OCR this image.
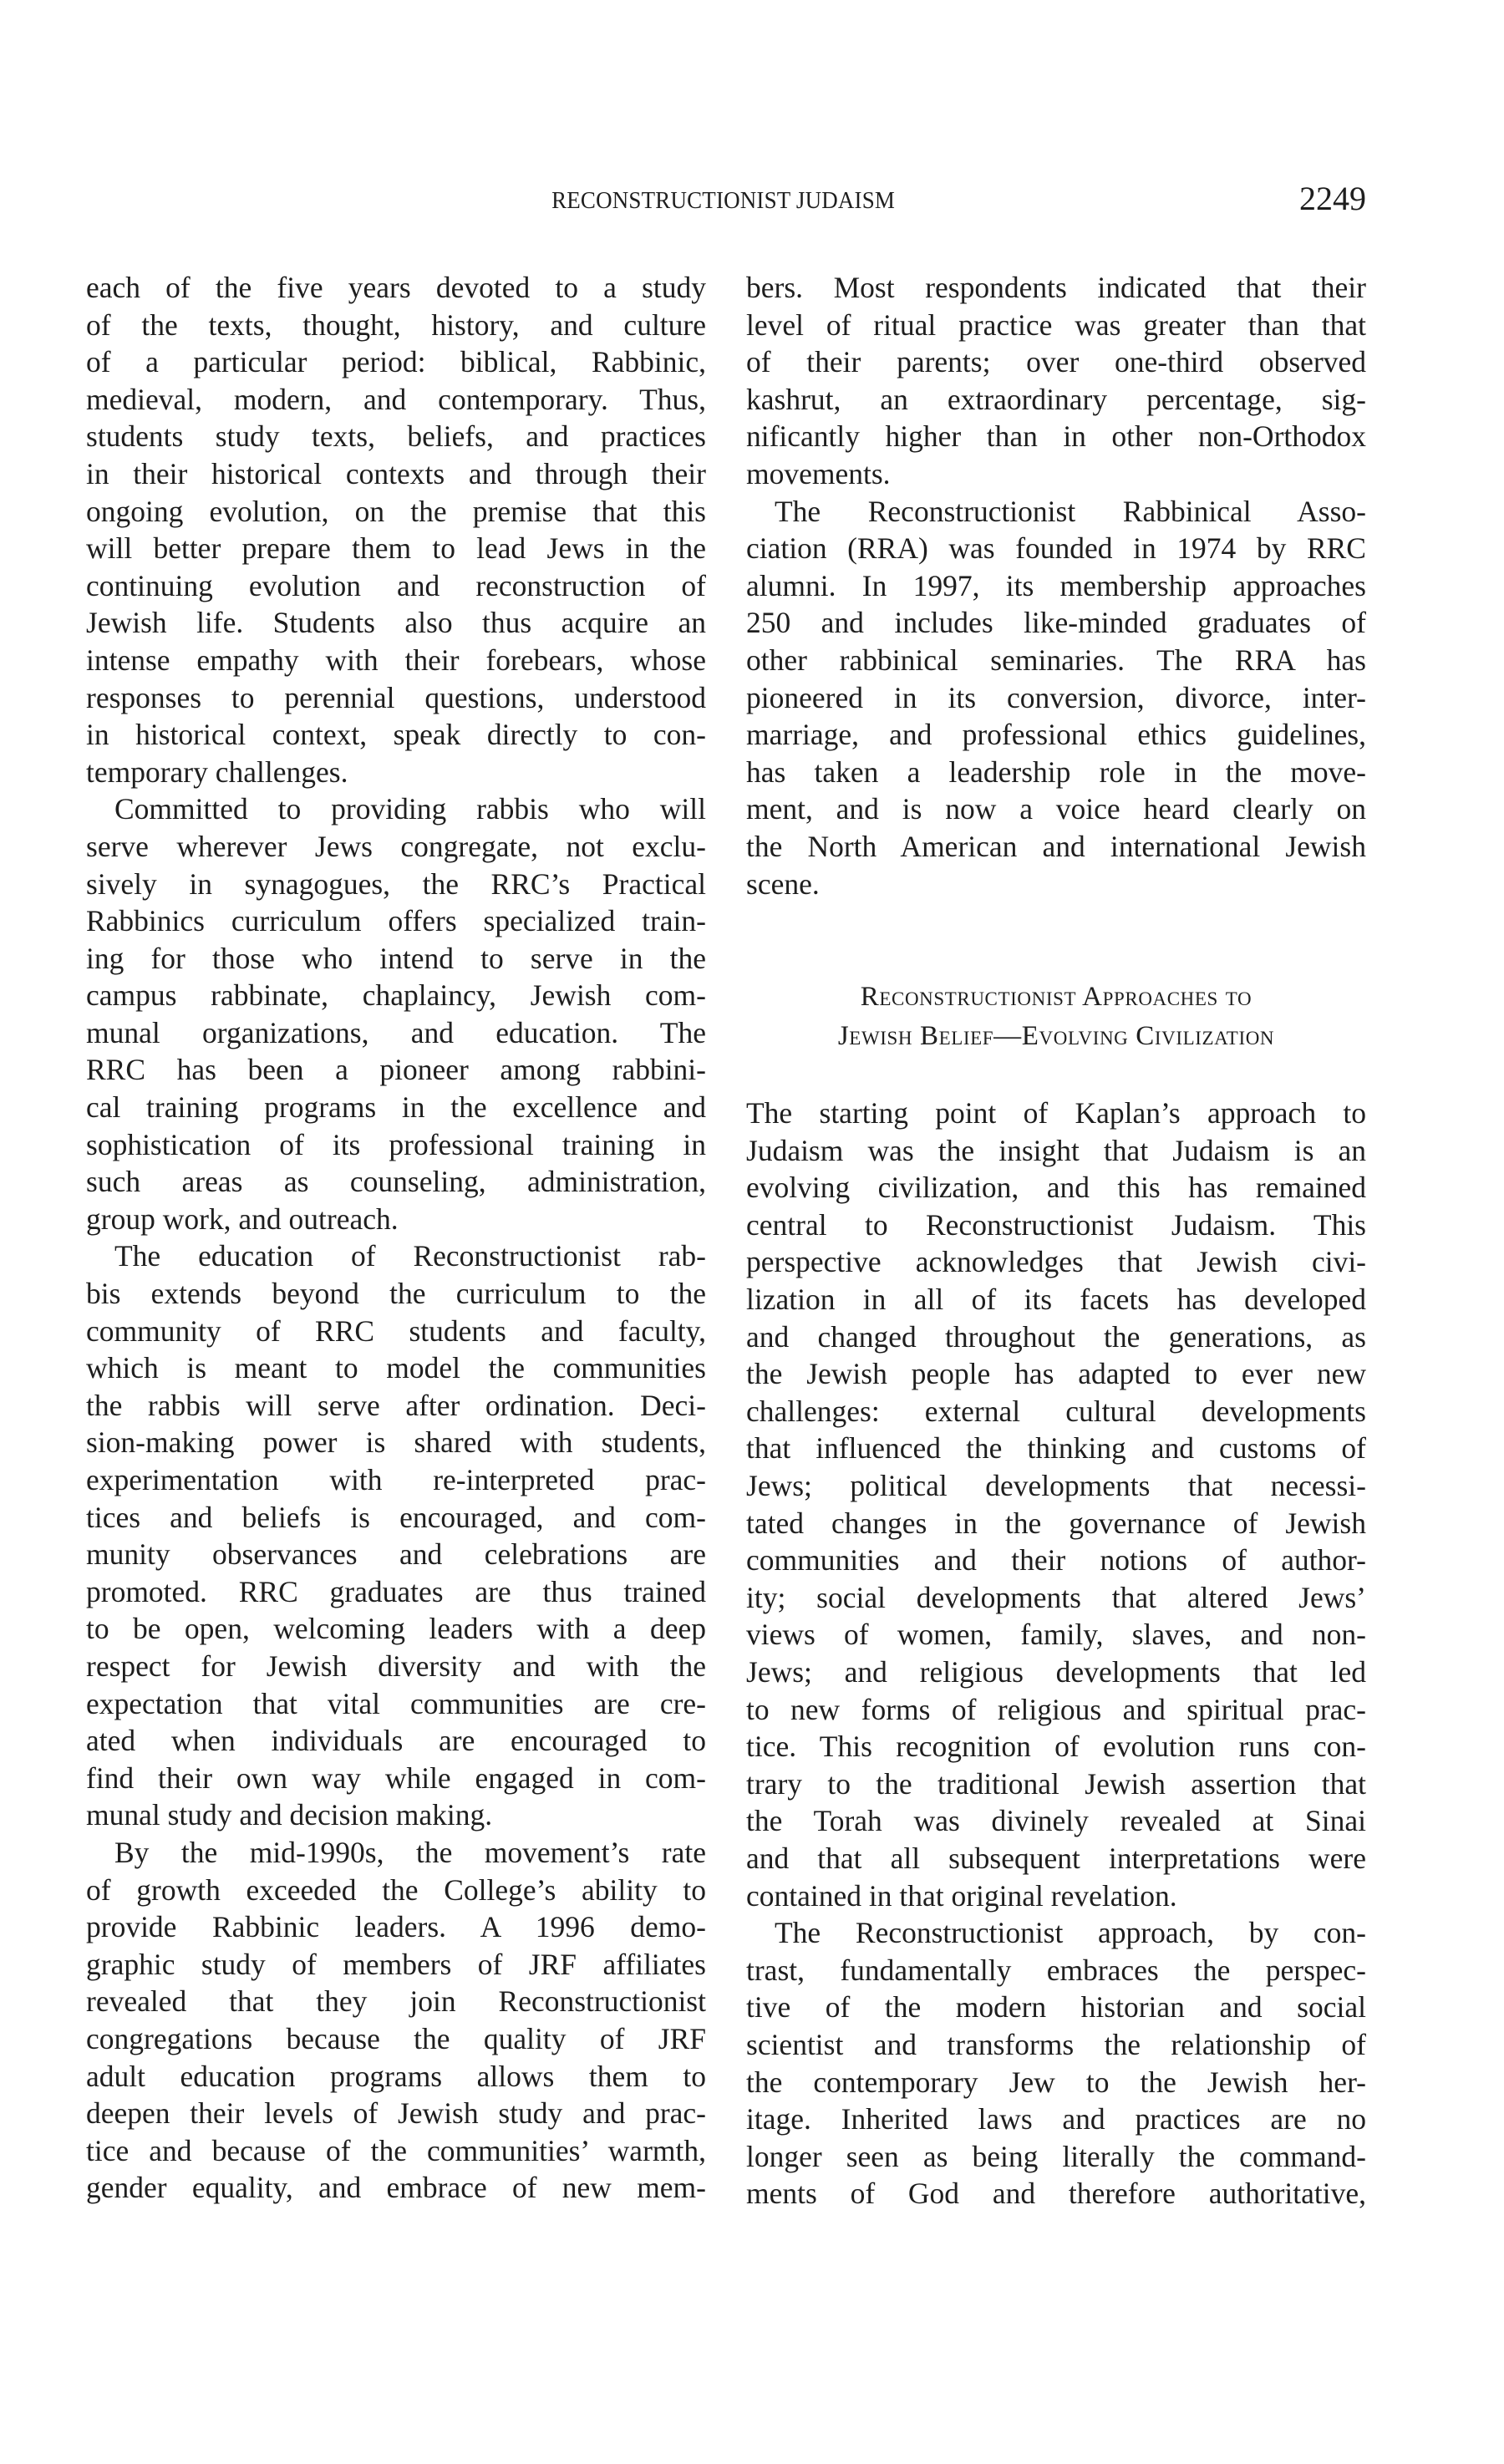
RECONSTRUCTIONIST JUDAISM	2249
each of the five years devoted to a study
of the texts, thought, history, and culture
of a particular period: biblical, Rabbinic,
medieval, modern, and contemporary. Thus,
students study texts, beliefs, and practices
in their historical contexts and through their
ongoing evolution, on the premise that this
will better prepare them to lead Jews in the
continuing evolution and reconstruction of
Jewish life. Students also thus acquire an
intense empathy with their forebears, whose
responses to perennial questions, understood
in historical context, speak directly to con-
temporary challenges.
Committed to providing rabbis who will
serve wherever Jews congregate, not exclu-
sively in synagogues, the RRC’s Practical
Rabbinics curriculum offers specialized train-
ing for those who intend to serve in the
campus rabbinate, chaplaincy, Jewish com-
munal organizations, and education. The
RRC has been a pioneer among rabbini-
cal training programs in the excellence and
sophistication of its professional training in
such areas as counseling, administration,
group work, and outreach.
The education of Reconstructionist rab-
bis extends beyond the curriculum to the
community of RRC students and faculty,
which is meant to model the communities
the rabbis will serve after ordination. Deci-
sion-making power is shared with students,
experimentation with re-interpreted prac-
tices and beliefs is encouraged, and com-
munity observances and celebrations are
promoted. RRC graduates are thus trained
to be open, welcoming leaders with a deep
respect for Jewish diversity and with the
expectation that vital communities are cre-
ated when individuals are encouraged to
find their own way while engaged in com-
munal study and decision making.
By the mid-1990s, the movement’s rate
of growth exceeded the College’s ability to
provide Rabbinic leaders. A 1996 demo-
graphic study of members of JRF affiliates
revealed that they join Reconstructionist
congregations because the quality of JRF
adult education programs allows them to
deepen their levels of Jewish study and prac-
tice and because of the communities’ warmth,
gender equality, and embrace of new mem-
bers. Most respondents indicated that their
level of ritual practice was greater than that
of their parents; over one-third observed
kashrut, an extraordinary percentage, sig-
nificantly higher than in other non-Orthodox
movements.
The Reconstructionist Rabbinical Asso-
ciation (RRA) was founded in 1974 by RRC
alumni. In 1997, its membership approaches
250 and includes like-minded graduates of
other rabbinical seminaries. The RRA has
pioneered in its conversion, divorce, inter-
marriage, and professional ethics guidelines,
has taken a leadership role in the move-
ment, and is now a voice heard clearly on
the North American and international Jewish
scene.
Reconstructionist Approaches to
Jewish Belief—Evolving Civilization
The starting point of Kaplan’s approach to
Judaism was the insight that Judaism is an
evolving civilization, and this has remained
central to Reconstructionist Judaism. This
perspective acknowledges that Jewish civi-
lization in all of its facets has developed
and changed throughout the generations, as
the Jewish people has adapted to ever new
challenges: external cultural developments
that influenced the thinking and customs of
Jews; political developments that necessi-
tated changes in the governance of Jewish
communities and their notions of author-
ity; social developments that altered Jews’
views of women, family, slaves, and non-
Jews; and religious developments that led
to new forms of religious and spiritual prac-
tice. This recognition of evolution runs con-
trary to the traditional Jewish assertion that
the Torah was divinely revealed at Sinai
and that all subsequent interpretations were
contained in that original revelation.
The Reconstructionist approach, by con-
trast, fundamentally embraces the perspec-
tive of the modern historian and social
scientist and transforms the relationship of
the contemporary Jew to the Jewish her-
itage. Inherited laws and practices are no
longer seen as being literally the command-
ments of God and therefore authoritative,
